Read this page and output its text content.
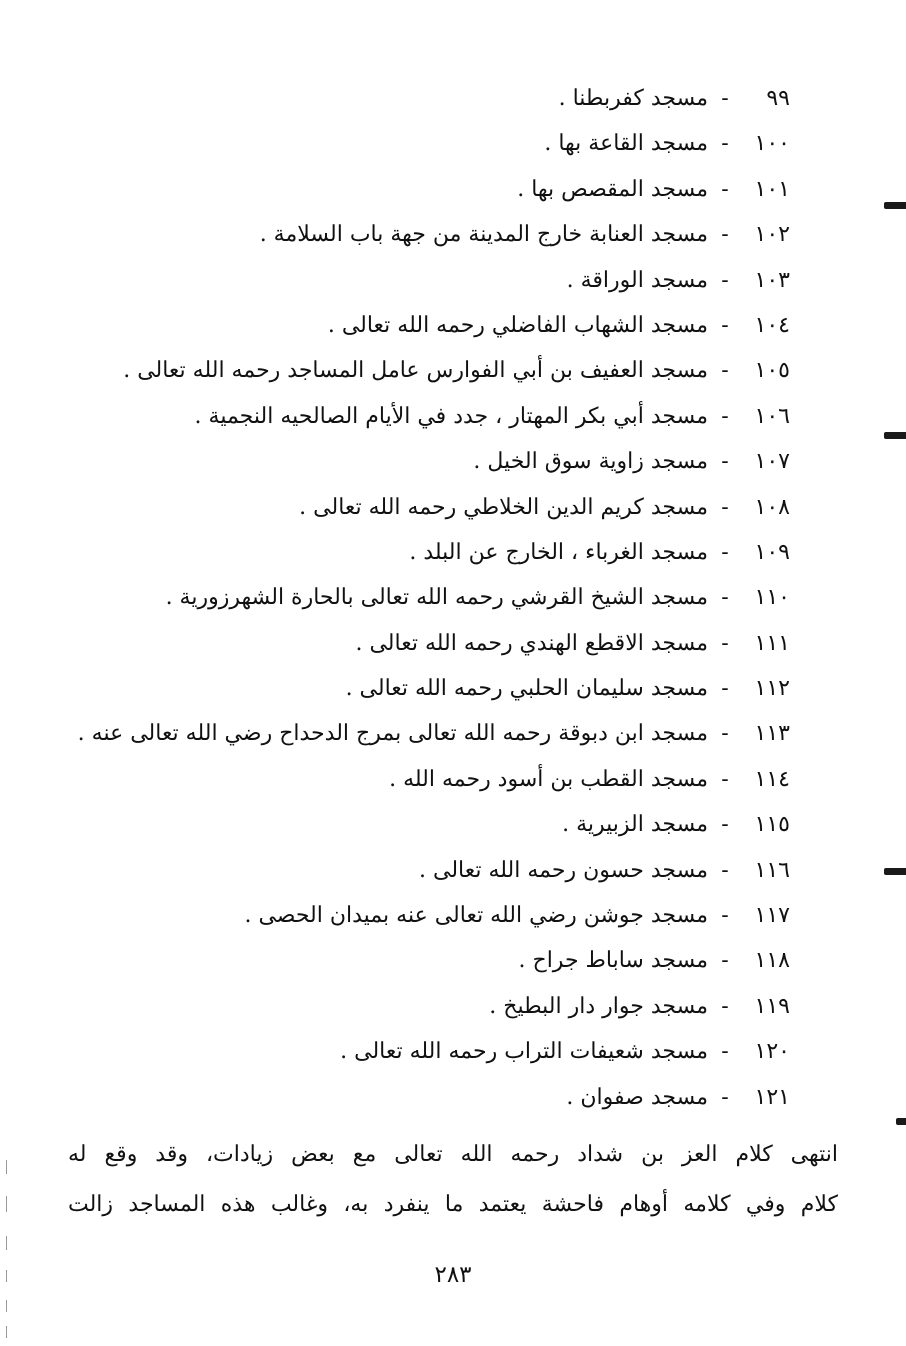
٩٩-مسجد كفربطنا .
١٠٠-مسجد القاعة بها .
١٠١-مسجد المقصص بها .
١٠٢-مسجد العنابة خارج المدينة من جهة باب السلامة .
١٠٣-مسجد الوراقة .
١٠٤-مسجد الشهاب الفاضلي رحمه الله تعالى .
١٠٥-مسجد العفيف بن أبي الفوارس عامل المساجد رحمه الله تعالى .
١٠٦-مسجد أبي بكر المهتار ، جدد في الأيام الصالحيه النجمية .
١٠٧-مسجد زاوية سوق الخيل .
١٠٨-مسجد كريم الدين الخلاطي رحمه الله تعالى .
١٠٩-مسجد الغرباء ، الخارج عن البلد .
١١٠-مسجد الشيخ القرشي رحمه الله تعالى بالحارة الشهرزورية .
١١١-مسجد الاقطع الهندي رحمه الله تعالى .
١١٢-مسجد سليمان الحلبي رحمه الله تعالى .
١١٣-مسجد ابن دبوقة رحمه الله تعالى بمرج الدحداح رضي الله تعالى عنه .
١١٤-مسجد القطب بن أسود رحمه الله .
١١٥-مسجد الزبيرية .
١١٦-مسجد حسون رحمه الله تعالى .
١١٧-مسجد جوشن رضي الله تعالى عنه بميدان الحصى .
١١٨-مسجد ساباط جراح .
١١٩-مسجد جوار دار البطيخ .
١٢٠-مسجد شعيفات التراب رحمه الله تعالى .
١٢١-مسجد صفوان .

انتهى كلام العز بن شداد رحمه الله تعالى مع بعض زيادات، وقد وقع له

كلام وفي كلامه أوهام فاحشة يعتمد ما ينفرد به، وغالب هذه المساجد زالت

٢٨٣
